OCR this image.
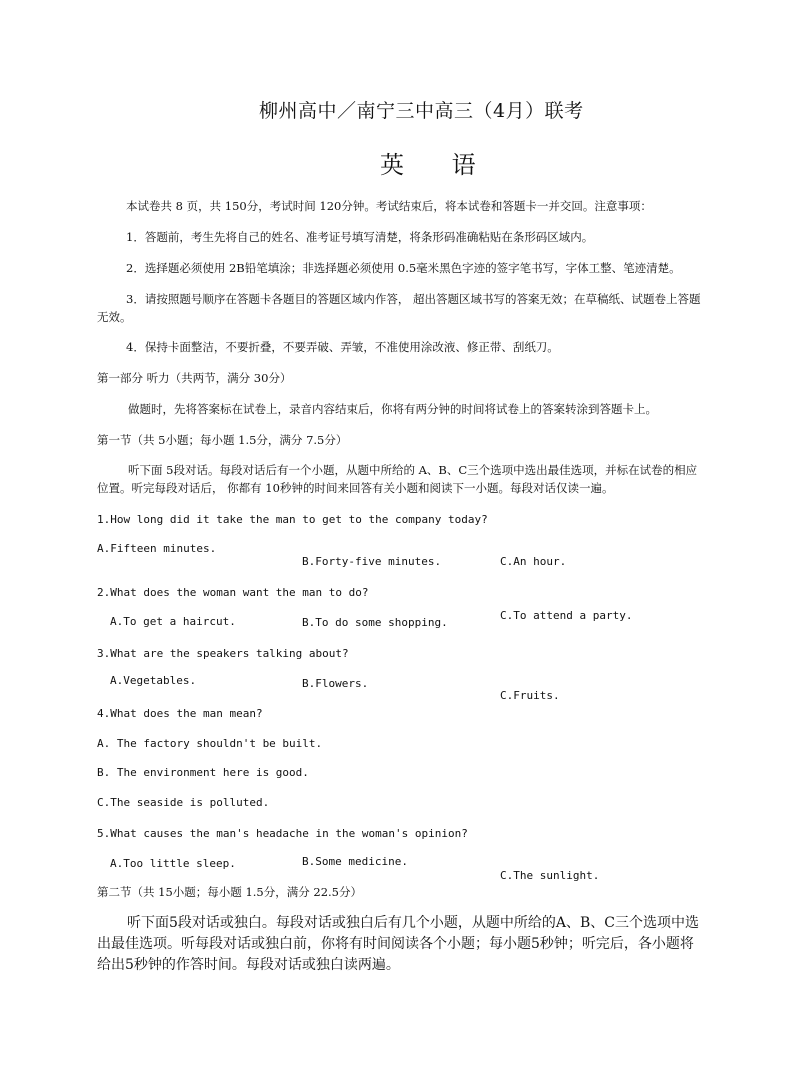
柳州高中／南宁三中高三（4月）联考
英 语
本试卷共 8 页，共 150分，考试时间 120分钟。考试结束后，将本试卷和答题卡一并交回。注意事项：
1．答题前，考生先将自己的姓名、准考证号填写清楚，将条形码准确粘贴在条形码区域内。
2．选择题必须使用 2B铅笔填涂；非选择题必须使用 0.5毫米黑色字迹的签字笔书写，字体工整、笔迹清楚。
3．请按照题号顺序在答题卡各题目的答题区域内作答， 超出答题区域书写的答案无效；在草稿纸、试题卷上答题无效。
4．保持卡面整洁，不要折叠，不要弄破、弄皱，不准使用涂改液、修正带、刮纸刀。
第一部分 听力（共两节，满分 30分）
做题时，先将答案标在试卷上，录音内容结束后，你将有两分钟的时间将试卷上的答案转涂到答题卡上。
第一节（共 5小题；每小题 1.5分，满分 7.5分）
听下面 5段对话。每段对话后有一个小题，从题中所给的 A、B、C三个选项中选出最佳选项，并标在试卷的相应位置。听完每段对话后， 你都有 10秒钟的时间来回答有关小题和阅读下一小题。每段对话仅读一遍。
1.How long did it take the man to get to the company today?
A.Fifteen minutes.
B.Forty-five minutes.	C.An hour.
2.What does the woman want the man to do?
A.To get a haircut.	B.To do some shopping.
C.To attend a party.
3.What are the speakers talking about?
A.Vegetables.	B.Flowers.
C.Fruits.
4.What does the man mean?
A. The factory shouldn't be built.
B. The environment here is good.
C.The seaside is polluted.
5.What causes the man's headache in the woman's opinion?
A.Too little sleep.	B.Some medicine.
C.The sunlight.
第二节（共 15小题；每小题 1.5分，满分 22.5分）
听下面5段对话或独白。每段对话或独白后有几个小题，从题中所给的A、B、C三个选项中选出最佳选项。听每段对话或独白前，你将有时间阅读各个小题；每小题5秒钟；听完后，各小题将给出5秒钟的作答时间。每段对话或独白读两遍。
